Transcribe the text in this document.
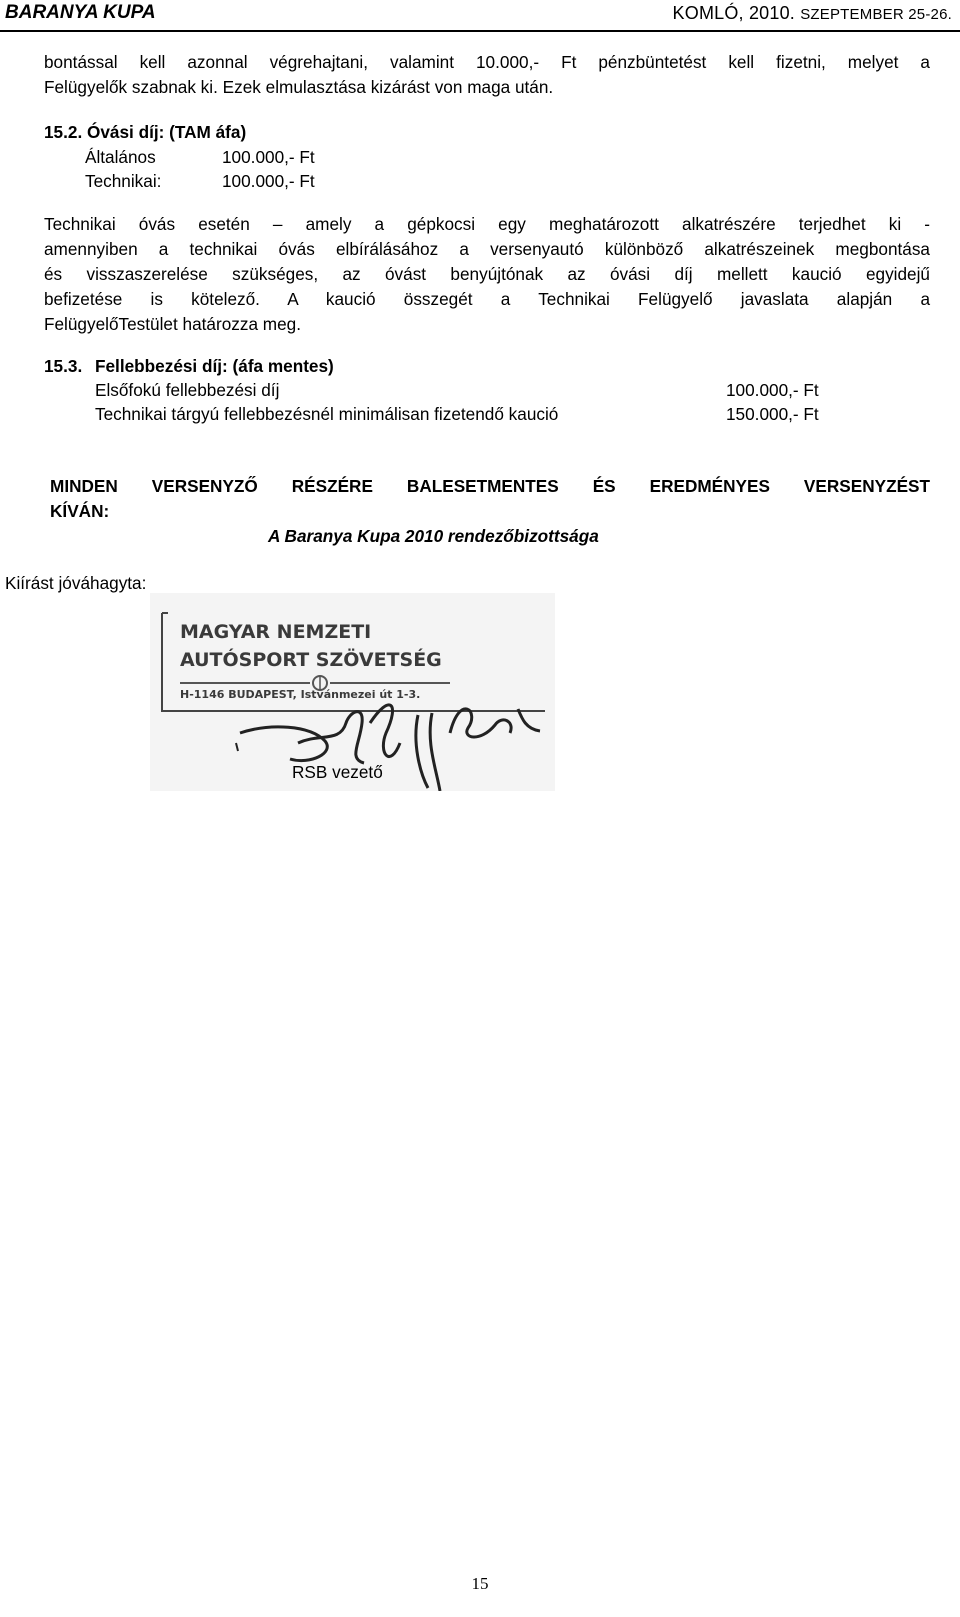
BARANYA KUPA	KOMLÓ, 2010. SZEPTEMBER 25-26.
bontással kell azonnal végrehajtani, valamint 10.000,- Ft pénzbüntetést kell fizetni, melyet a
Felügyelők szabnak ki. Ezek elmulasztása kizárást von maga után.
15.2. Óvási díj: (TAM áfa)
Általános	100.000,- Ft
Technikai:	100.000,- Ft
Technikai óvás esetén – amely a gépkocsi egy meghatározott alkatrészére terjedhet ki -
amennyiben a technikai óvás elbírálásához a versenyautó különböző alkatrészeinek megbontása
és visszaszerelése szükséges, az óvást benyújtónak az óvási díj mellett kaució egyidejű
befizetése is kötelező. A kaució összegét a Technikai Felügyelő javaslata alapján a
FelügyelőTestület határozza meg.
15.3. Fellebbezési díj: (áfa mentes)
Elsőfokú fellebbezési díj	100.000,- Ft
Technikai tárgyú fellebbezésnél minimálisan fizetendő kaució	150.000,- Ft
MINDEN VERSENYZŐ RÉSZÉRE BALESETMENTES ÉS EREDMÉNYES VERSENYZÉST
KÍVÁN:
A Baranya Kupa 2010 rendezőbizottsága
Kiírást jóváhagyta:
MAGYAR NEMZETI
AUTÓSPORT SZÖVETSÉG
H-1146 BUDAPEST, Istvánmezei út 1-3.
RSB vezető
15
